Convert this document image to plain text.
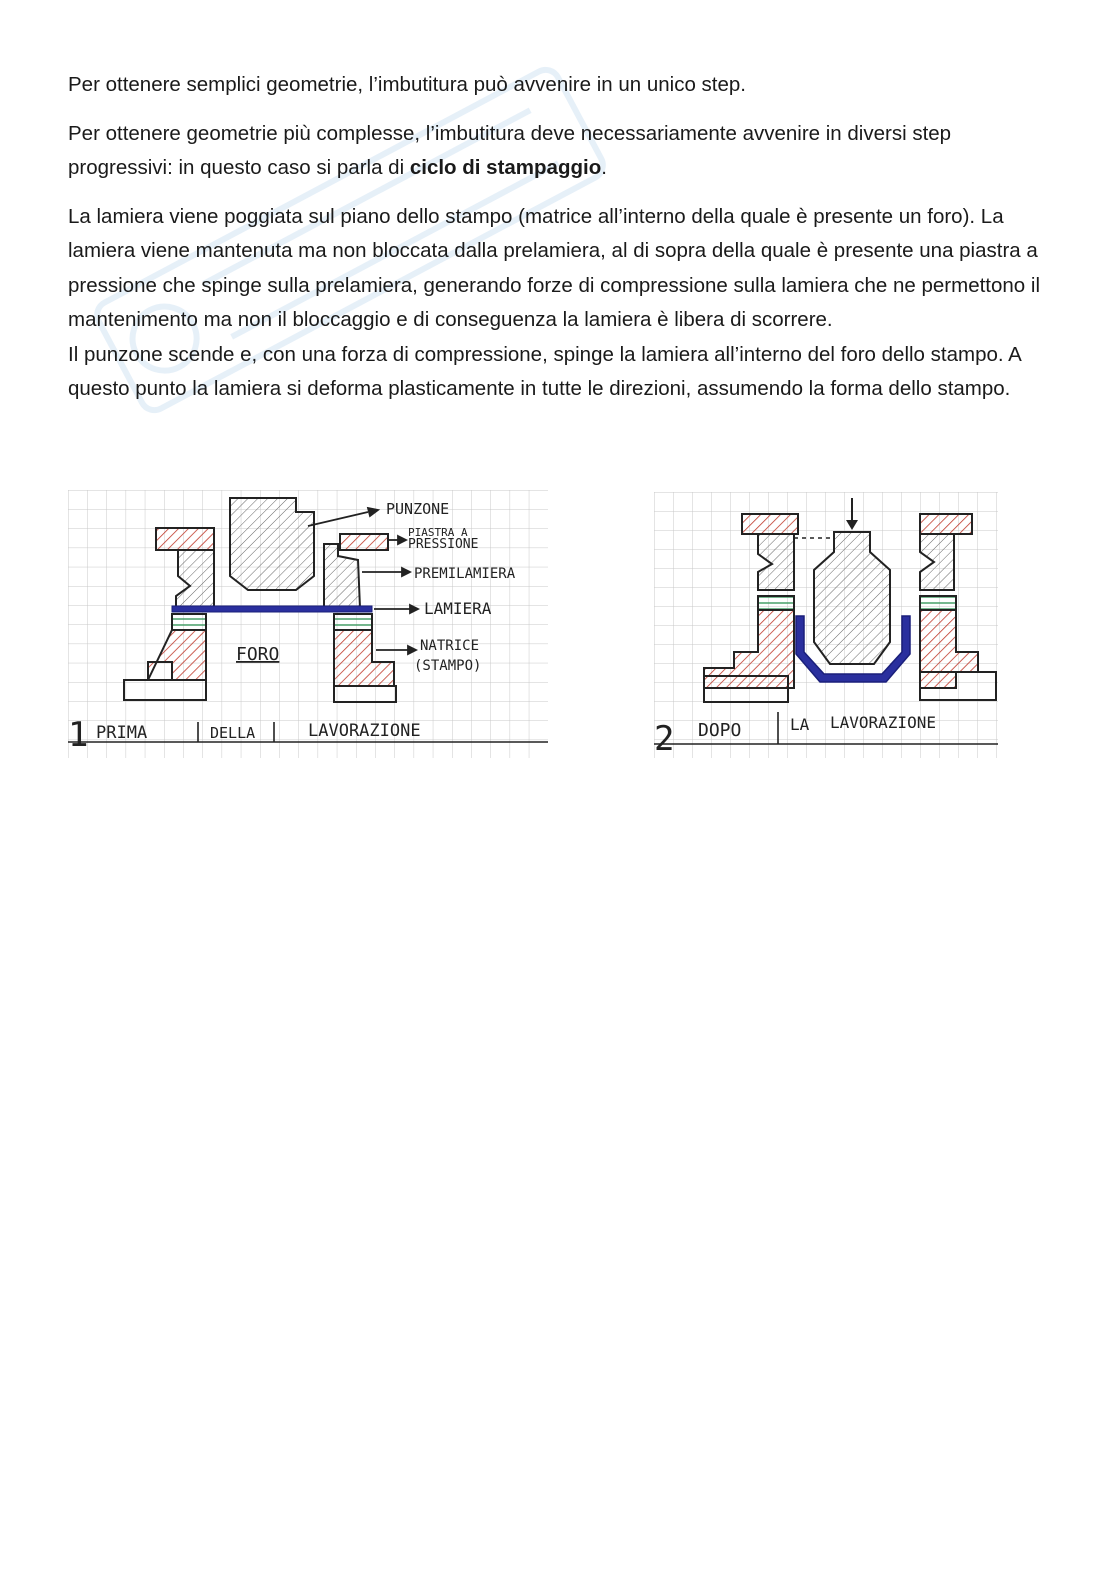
Per ottenere semplici geometrie, l’imbutitura può avvenire in un unico step.

Per ottenere geometrie più complesse, l’imbutitura deve necessariamente avvenire in diversi step progressivi: in questo caso si parla di ciclo di stampaggio.

La lamiera viene poggiata sul piano dello stampo (matrice all’interno della quale è presente un foro). La lamiera viene mantenuta ma non bloccata dalla prelamiera, al di sopra della quale è presente una piastra a pressione che spinge sulla prelamiera, generando forze di compressione sulla lamiera che ne permettono il mantenimento ma non il bloccaggio e di conseguenza la lamiera è libera di scorrere.

Il punzone scende e, con una forza di compressione, spinge la lamiera all’interno del foro dello stampo. A questo punto la lamiera si deforma plasticamente in tutte le direzioni, assumendo la forma dello stampo.

PUNZONE
PIASTRA A
PRESSIONE
PREMILAMIERA
LAMIERA
FORO	NATRICE
(STAMPO)
1 PRIMA	DELLA	LAVORAZIONE	2 DOPO	LA LAVORAZIONE
